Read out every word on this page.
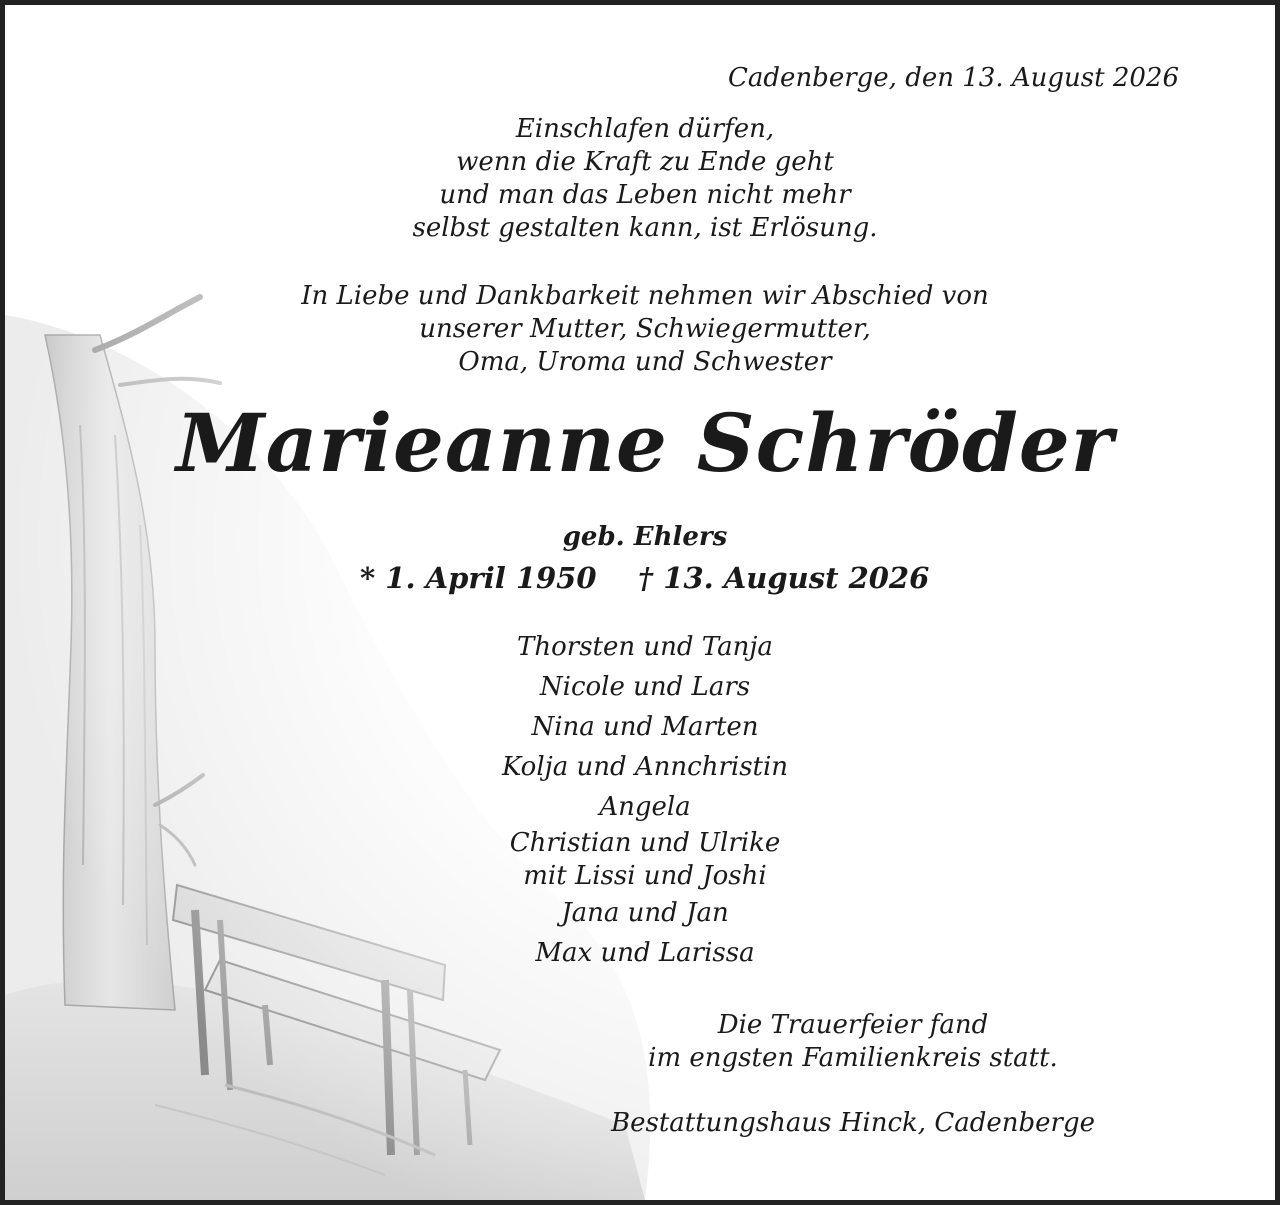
Cadenberge, den 13. August 2026
Einschlafen dürfen,
wenn die Kraft zu Ende geht
und man das Leben nicht mehr
selbst gestalten kann, ist Erlösung.
In Liebe und Dankbarkeit nehmen wir Abschied von
unserer Mutter, Schwiegermutter,
Oma, Uroma und Schwester
Marieanne Schröder
geb. Ehlers
* 1. April 1950 † 13. August 2026
Thorsten und Tanja
Nicole und Lars
Nina und Marten
Kolja und Annchristin
Angela
Christian und Ulrike
mit Lissi und Joshi
Jana und Jan
Max und Larissa
Die Trauerfeier fand
im engsten Familienkreis statt.
Bestattungshaus Hinck, Cadenberge
